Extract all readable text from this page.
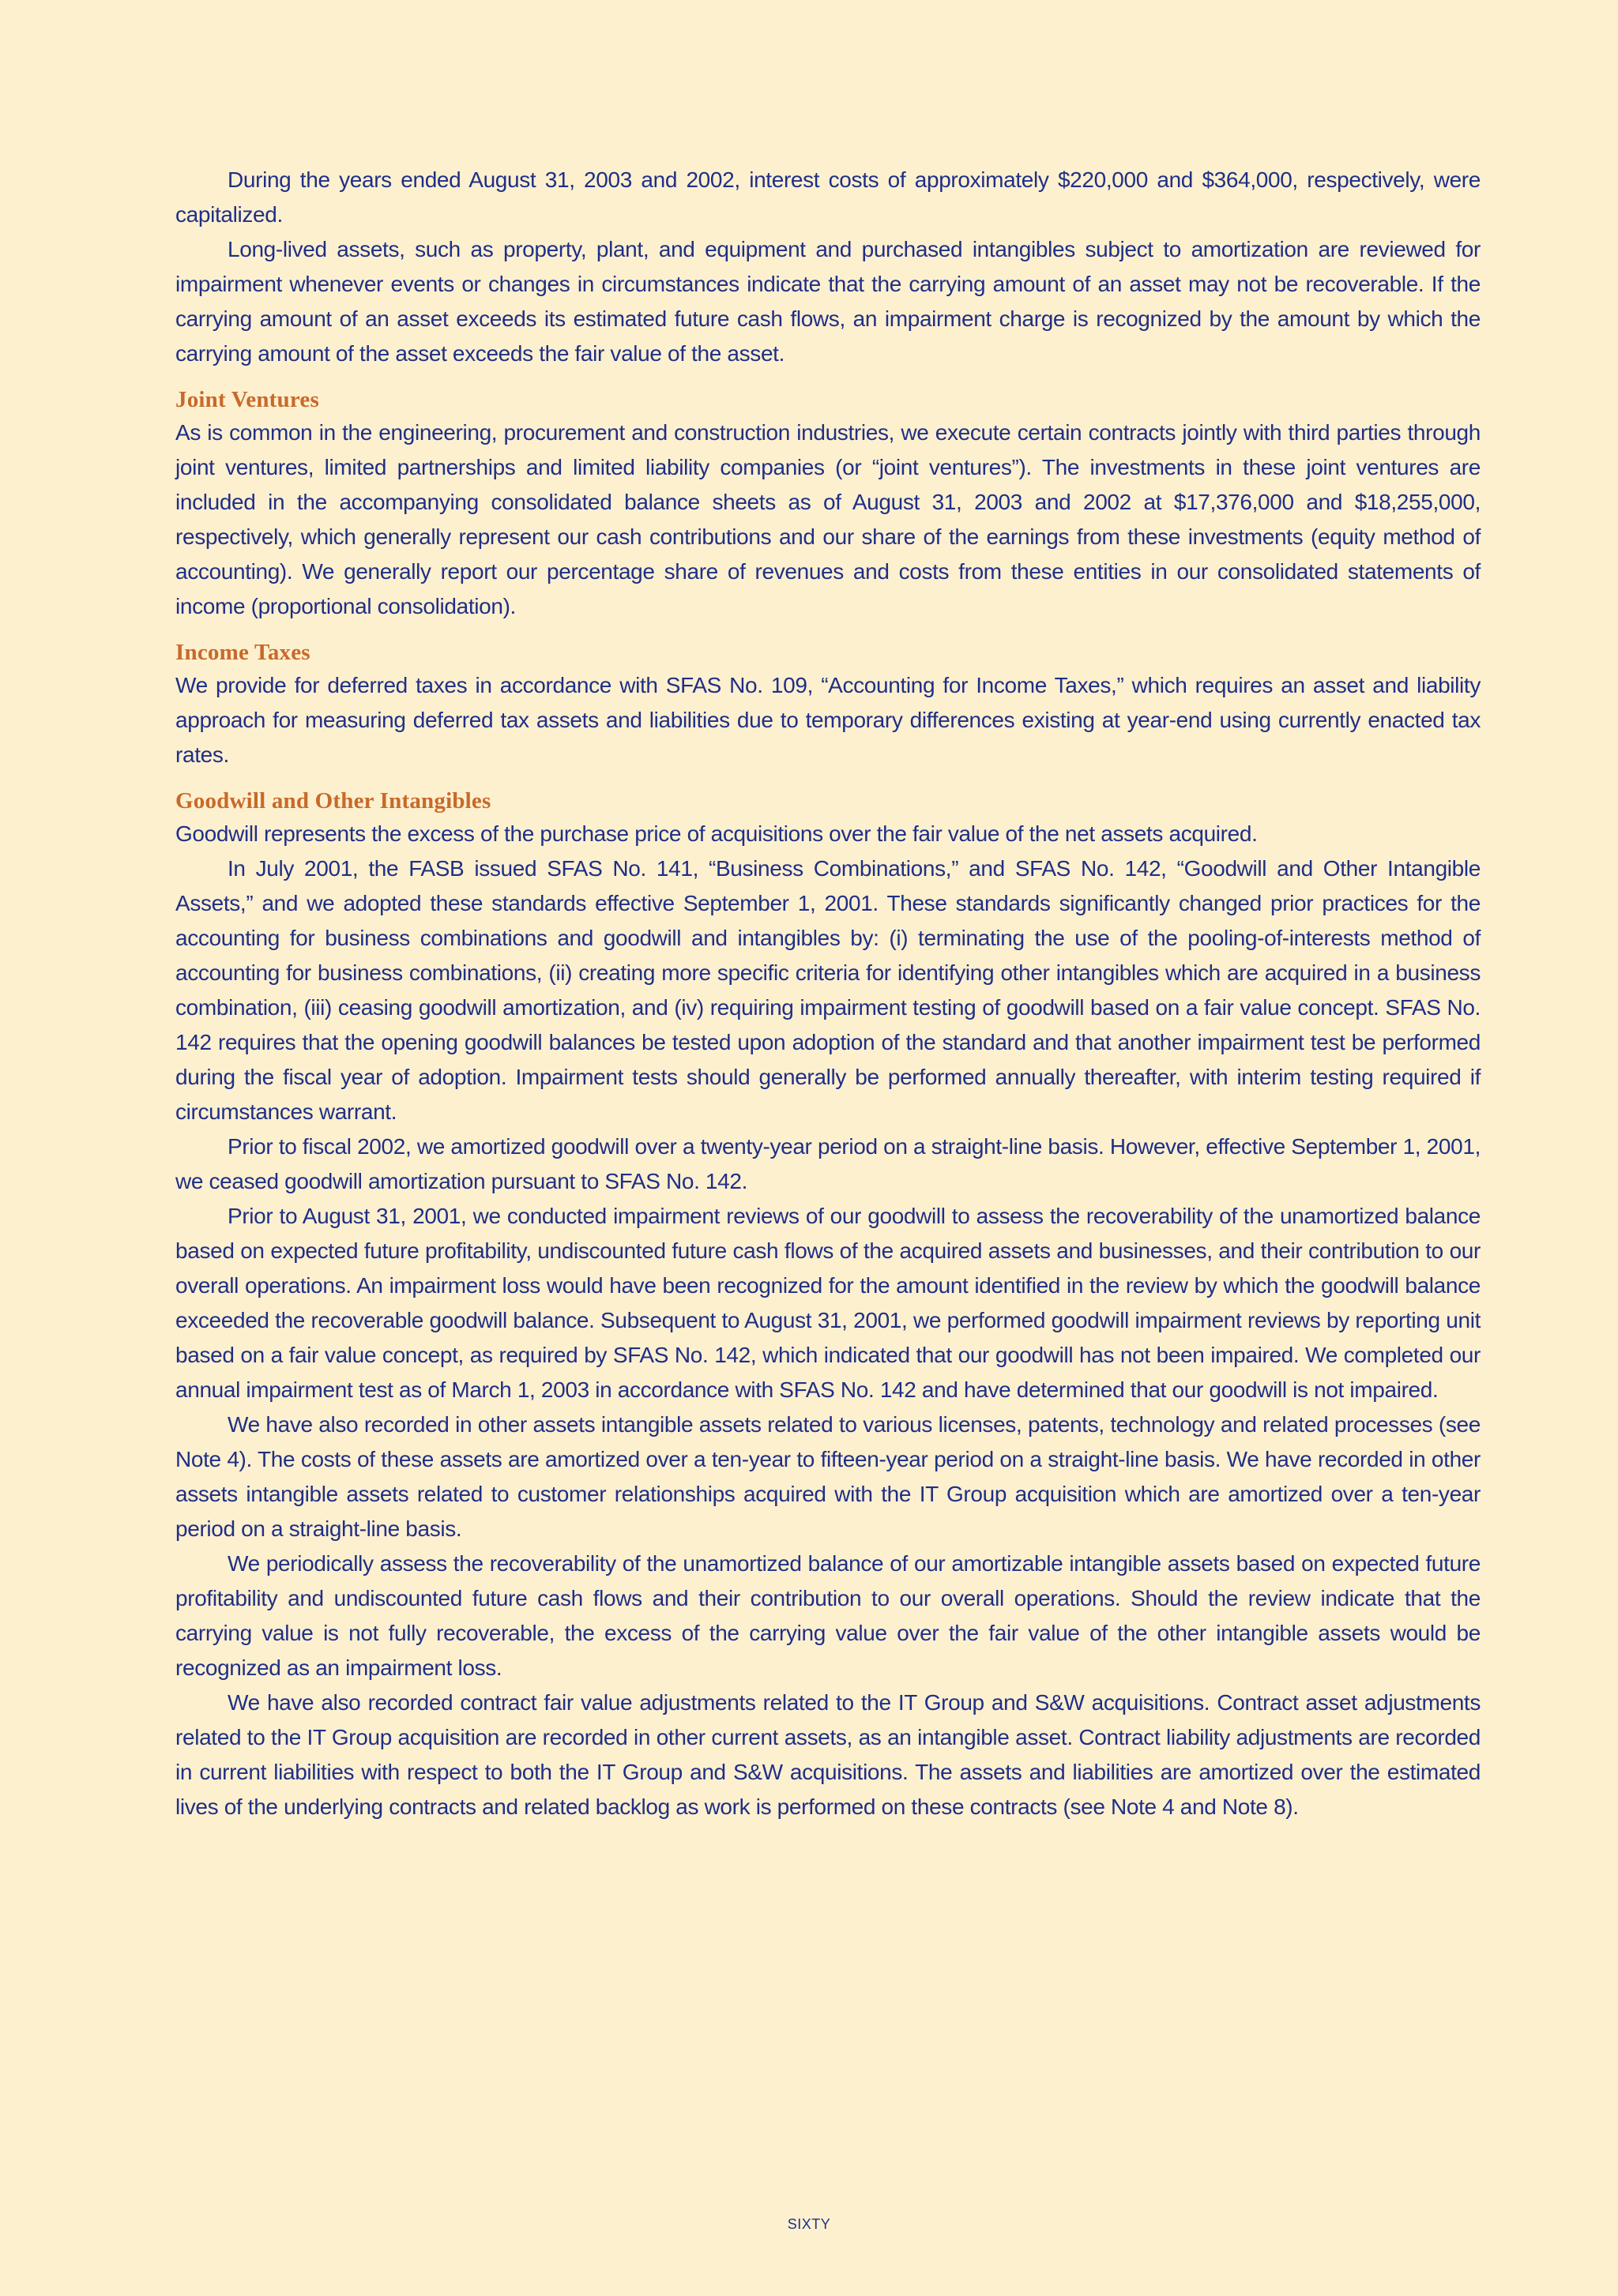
During the years ended August 31, 2003 and 2002, interest costs of approximately $220,000 and $364,000, respectively, were capitalized.

Long-lived assets, such as property, plant, and equipment and purchased intangibles subject to amortization are reviewed for impairment whenever events or changes in circumstances indicate that the carrying amount of an asset may not be recoverable. If the carrying amount of an asset exceeds its estimated future cash flows, an impairment charge is recognized by the amount by which the carrying amount of the asset exceeds the fair value of the asset.

Joint Ventures

As is common in the engineering, procurement and construction industries, we execute certain contracts jointly with third parties through joint ventures, limited partnerships and limited liability companies (or “joint ventures”). The investments in these joint ventures are included in the accompanying consolidated balance sheets as of August 31, 2003 and 2002 at $17,376,000 and $18,255,000, respectively, which generally represent our cash contributions and our share of the earnings from these investments (equity method of accounting). We generally report our percentage share of revenues and costs from these entities in our consolidated statements of income (proportional consolidation).

Income Taxes

We provide for deferred taxes in accordance with SFAS No. 109, “Accounting for Income Taxes,” which requires an asset and liability approach for measuring deferred tax assets and liabilities due to temporary differences existing at year-end using currently enacted tax rates.

Goodwill and Other Intangibles

Goodwill represents the excess of the purchase price of acquisitions over the fair value of the net assets acquired.

In July 2001, the FASB issued SFAS No. 141, “Business Combinations,” and SFAS No. 142, “Goodwill and Other Intangible Assets,” and we adopted these standards effective September 1, 2001. These standards significantly changed prior practices for the accounting for business combinations and goodwill and intangibles by: (i) terminating the use of the pooling-of-interests method of accounting for business combinations, (ii) creating more specific criteria for identifying other intangibles which are acquired in a business combination, (iii) ceasing goodwill amortization, and (iv) requiring impairment testing of goodwill based on a fair value concept. SFAS No. 142 requires that the opening goodwill balances be tested upon adoption of the standard and that another impairment test be performed during the fiscal year of adoption. Impairment tests should generally be performed annually thereafter, with interim testing required if circumstances warrant.

Prior to fiscal 2002, we amortized goodwill over a twenty-year period on a straight-line basis. However, effective September 1, 2001, we ceased goodwill amortization pursuant to SFAS No. 142.

Prior to August 31, 2001, we conducted impairment reviews of our goodwill to assess the recoverability of the unamortized balance based on expected future profitability, undiscounted future cash flows of the acquired assets and businesses, and their contribution to our overall operations. An impairment loss would have been recognized for the amount identified in the review by which the goodwill balance exceeded the recoverable goodwill balance. Subsequent to August 31, 2001, we performed goodwill impairment reviews by reporting unit based on a fair value concept, as required by SFAS No. 142, which indicated that our goodwill has not been impaired. We completed our annual impairment test as of March 1, 2003 in accordance with SFAS No. 142 and have determined that our goodwill is not impaired.

We have also recorded in other assets intangible assets related to various licenses, patents, technology and related processes (see Note 4). The costs of these assets are amortized over a ten-year to fifteen-year period on a straight-line basis. We have recorded in other assets intangible assets related to customer relationships acquired with the IT Group acquisition which are amortized over a ten-year period on a straight-line basis.

We periodically assess the recoverability of the unamortized balance of our amortizable intangible assets based on expected future profitability and undiscounted future cash flows and their contribution to our overall operations. Should the review indicate that the carrying value is not fully recoverable, the excess of the carrying value over the fair value of the other intangible assets would be recognized as an impairment loss.

We have also recorded contract fair value adjustments related to the IT Group and S&W acquisitions. Contract asset adjustments related to the IT Group acquisition are recorded in other current assets, as an intangible asset. Contract liability adjustments are recorded in current liabilities with respect to both the IT Group and S&W acquisitions. The assets and liabilities are amortized over the estimated lives of the underlying contracts and related backlog as work is performed on these contracts (see Note 4 and Note 8).

SIXTY
